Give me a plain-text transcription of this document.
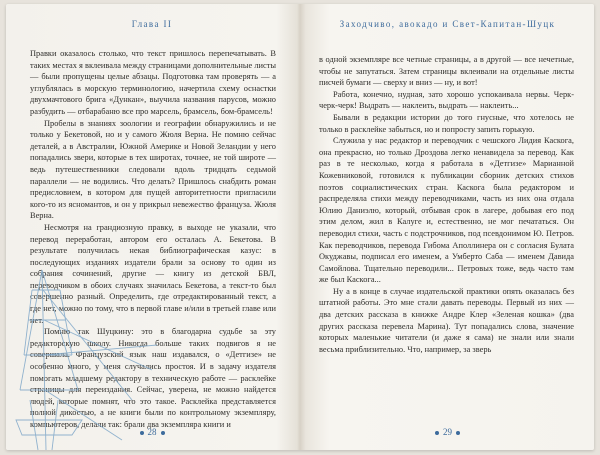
Глава II

Правки оказалось столько, что текст пришлось перепечатывать. В таких местах я вклеивала между страницами дополнительные листы — были пропущены целые абзацы. Подготовка там проверять — а углублялась в морскую терминологию, начертила схему оснастки двухмачтового брига «Дункан», выучила названия парусов, можно разбудить — отбарабаню все про марсель, брамсель, бом-брамсель!

Пробелы в знаниях зоологии и географии обнаружились и не только у Бекетовой, но и у самого Жюля Верна. Не помню сейчас деталей, а в Австралии, Южной Америке и Новой Зеландии у него попадались звери, которые в тех широтах, точнее, не той широте — ведь путешественники следовали вдоль тридцать седьмой параллели — не водились. Что делать? Пришлось снабдить роман предисловием, в котором для пущей авторитетности пригласили кого-то из ясномантов, и он у прикрыл невежество француза. Жюля Верна.

Несмотря на грандиозную правку, в выходе не указали, что перевод переработан, автором его осталась А. Бекетова. В результате получилась некая библиографическая казус: в последующих изданиях издатели брали за основу то один из собрания сочинений, другие — книгу из детской БВЛ, переводчиком в обоих случаях значилась Бекетова, а текст-то был совершенно разный. Определить, где отредактированный текст, а где нет, можно по тому, что в первой главе и/или в третьей главе или нет.

Помню так Шуцкину: это в благодарна судьбе за эту редакторскую школу. Никогда больше таких подвигов я не совершала. Французский язык наш издавался, о «Детгизе» не особенно много, у меня случались простоя. И в задачу издателя помогать младшему редактору в техническую работе — расклейке страницы для переиздания. Сейчас, уверена, не можно найдется людей, которые помнят, что это такое. Расклейка представляется полной дикостью, а не книги были по контрольному экземпляру, компьютеров, делали так: брали два экземпляра книги и

28
Заходчиво, авокадо и Свет-Капитан-Шуцк

в одной экземпляре все четные страницы, а в другой — все нечетные, чтобы не запутаться. Затем страницы вклеивали на отдельные листы писчей бумаги — сверху и вниз — ну, и вот!

Работа, конечно, нудная, зато хорошо успокаивала нервы. Черк-черк-черк! Выдрать — наклеить, выдрать — наклеить...

Бывали в редакции истории до того гнусные, что хотелось не только в расклейке забыться, но и попросту запить горькую.

Служила у нас редактор и переводчик с чешского Лидия Каскога, она прекрасно, но только Дроздова легко ненавидела за перевод. Как раз в те несколько, когда я работала в «Детгизе» Марианной Кожевниковой, готовился к публикации сборник детских стихов поэтов социалистических стран. Каскога была редактором и распределяла стихи между переводчиками, часть из них она отдала Юлию Даниэлю, который, отбывая срок в лагере, добывая его под этим делом, жил в Калуге и, естественно, не мог печататься. Он переводил стихи, часть с подстрочников, под псевдонимом Ю. Петров. Как переводчиков, перевода Гибома Аполлинера он с согласия Булата Окуджавы, подписал его именем, а Умберто Саба — именем Давида Самойлова. Тщательно переводили... Петровых тоже, ведь часто там же был Каскога...

Ну а в конце в случае издательской практики опять оказалась без штатной работы. Это мне стали давать переводы. Первый из них — два детских рассказа в книжке Андре Клер «Зеленая кошка» (два других рассказа перевела Марина). Тут попадались слова, значение которых маленькие читатели (и даже я сама) не знали или знали весьма приблизительно. Что, например, за зверь

29
